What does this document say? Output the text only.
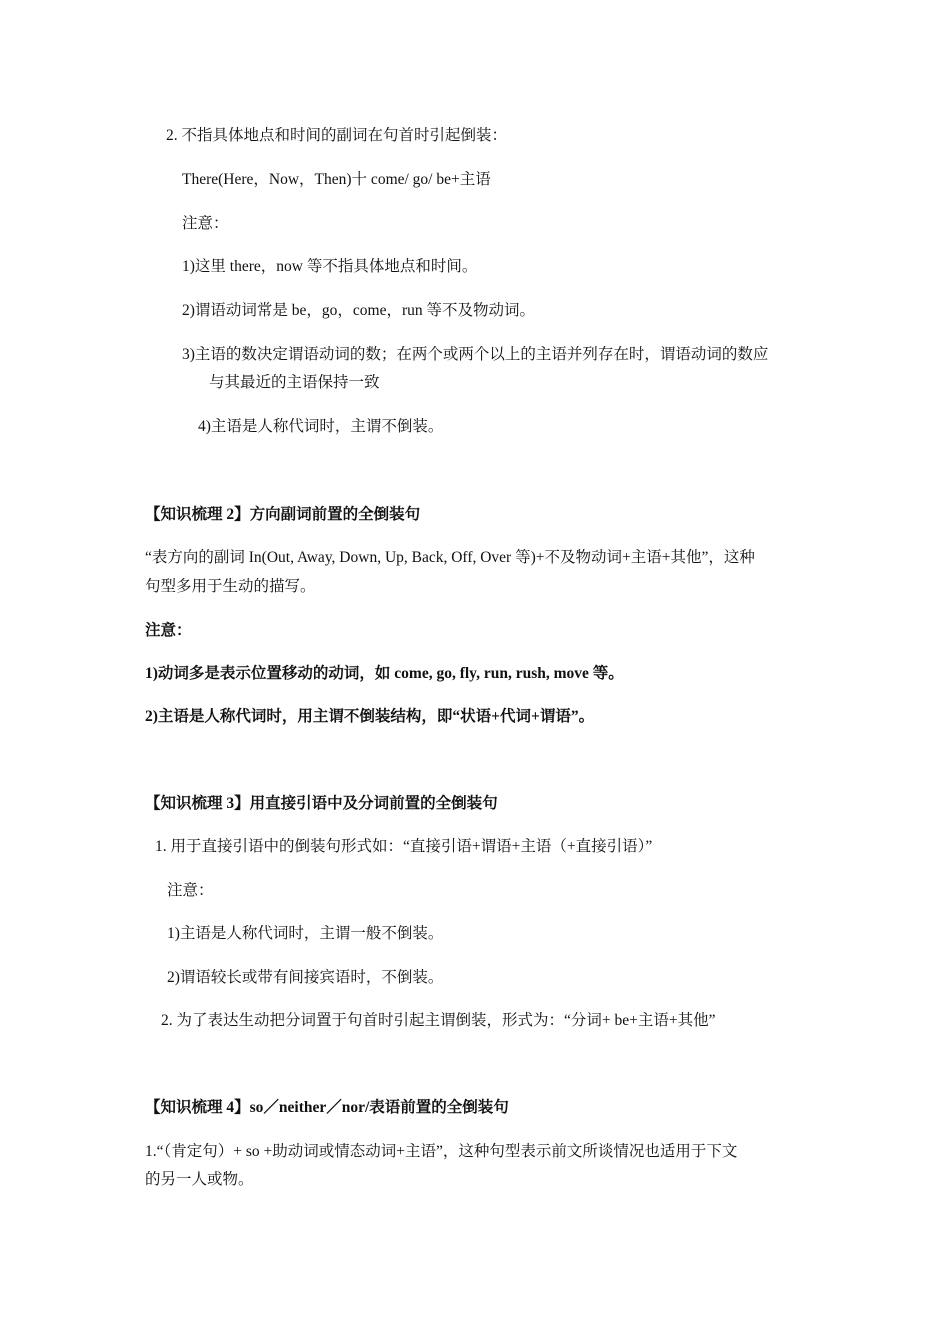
2. 不指具体地点和时间的副词在句首时引起倒装：
There(Here，Now，Then)十 come/ go/ be+主语
注意：
1)这里 there，now 等不指具体地点和时间。
2)谓语动词常是 be，go，come，run 等不及物动词。
3)主语的数决定谓语动词的数；在两个或两个以上的主语并列存在时，谓语动词的数应
与其最近的主语保持一致
4)主语是人称代词时，主谓不倒装。
【知识梳理 2】方向副词前置的全倒装句
“表方向的副词 In(Out, Away, Down, Up, Back, Off, Over 等)+不及物动词+主语+其他”，这种
句型多用于生动的描写。
注意：
1)动词多是表示位置移动的动词，如 come, go, fly, run, rush, move 等。
2)主语是人称代词时，用主谓不倒装结构，即“状语+代词+谓语”。
【知识梳理 3】用直接引语中及分词前置的全倒装句
1. 用于直接引语中的倒装句形式如：“直接引语+谓语+主语（+直接引语）”
注意：
1)主语是人称代词时，主谓一般不倒装。
2)谓语较长或带有间接宾语时，不倒装。
2. 为了表达生动把分词置于句首时引起主谓倒装，形式为：“分词+ be+主语+其他”
【知识梳理 4】so／neither／nor/表语前置的全倒装句
1.“（肯定句）+ so +助动词或情态动词+主语”，这种句型表示前文所谈情况也适用于下文
的另一人或物。
